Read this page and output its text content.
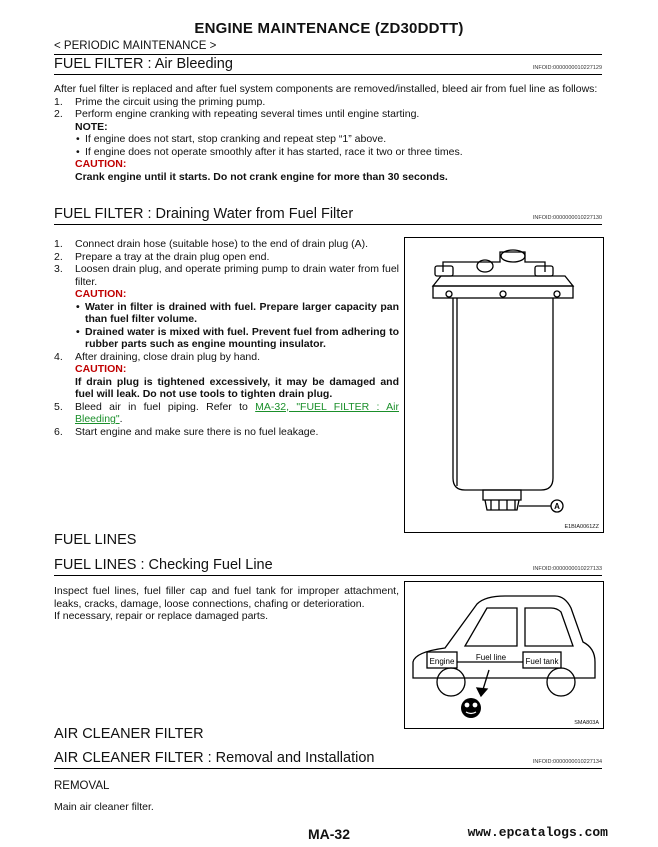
ENGINE MAINTENANCE (ZD30DDTT)
< PERIODIC MAINTENANCE >
FUEL FILTER : Air Bleeding	INFOID:0000000010227129
After fuel filter is replaced and after fuel system components are removed/installed, bleed air from fuel line as follows:
1. Prime the circuit using the priming pump.
2. Perform engine cranking with repeating several times until engine starting.
NOTE:
• If engine does not start, stop cranking and repeat step “1” above.
• If engine does not operate smoothly after it has started, race it two or three times.
CAUTION:
Crank engine until it starts. Do not crank engine for more than 30 seconds.
FUEL FILTER : Draining Water from Fuel Filter	INFOID:0000000010227130
1. Connect drain hose (suitable hose) to the end of drain plug (A).
2. Prepare a tray at the drain plug open end.
3. Loosen drain plug, and operate priming pump to drain water from fuel filter.
CAUTION:
• Water in filter is drained with fuel. Prepare larger capacity pan than fuel filter volume.
• Drained water is mixed with fuel. Prevent fuel from adhering to rubber parts such as engine mounting insulator.
4. After draining, close drain plug by hand.
CAUTION:
If drain plug is tightened excessively, it may be damaged and fuel will leak. Do not use tools to tighten drain plug.
5. Bleed air in fuel piping. Refer to MA-32, "FUEL FILTER : Air Bleeding".
6. Start engine and make sure there is no fuel leakage.
A
E1BIA0061ZZ
FUEL LINES
FUEL LINES : Checking Fuel Line	INFOID:0000000010227133
Inspect fuel lines, fuel filler cap and fuel tank for improper attachment, leaks, cracks, damage, loose connections, chafing or deterioration.
If necessary, repair or replace damaged parts.
Engine	Fuel line Fuel tank
SMA803A
AIR CLEANER FILTER
AIR CLEANER FILTER : Removal and Installation	INFOID:0000000010227134
REMOVAL
Main air cleaner filter.
MA-32	www.epcatalogs.com
